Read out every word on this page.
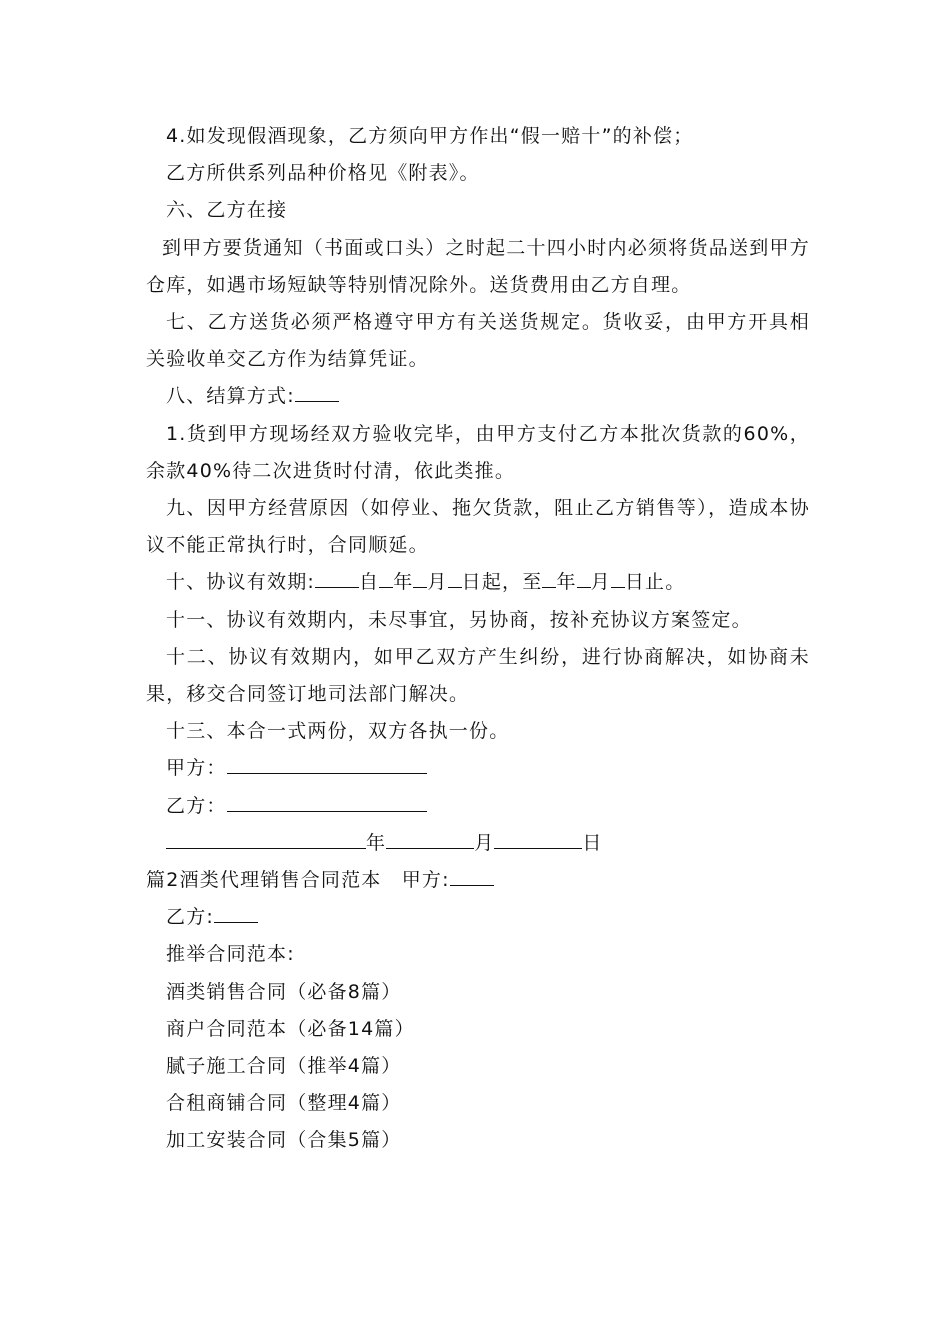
4.如发现假酒现象，乙方须向甲方作出“假一赔十”的补偿；

乙方所供系列品种价格见《附表》。

六、乙方在接

到甲方要货通知（书面或口头）之时起二十四小时内必须将货品送到甲方仓库，如遇市场短缺等特别情况除外。送货费用由乙方自理。

七、乙方送货必须严格遵守甲方有关送货规定。货收妥，由甲方开具相关验收单交乙方作为结算凭证。

八、结算方式:

1.货到甲方现场经双方验收完毕，由甲方支付乙方本批次货款的60%，余款40%待二次进货时付清，依此类推。

九、因甲方经营原因（如停业、拖欠货款，阻止乙方销售等），造成本协议不能正常执行时，合同顺延。

十、协议有效期: 自 年 月 日起，至 年 月 日止。

十一、协议有效期内，未尽事宜，另协商，按补充协议方案签定。

十二、协议有效期内，如甲乙双方产生纠纷，进行协商解决，如协商未果，移交合同签订地司法部门解决。

十三、本合一式两份，双方各执一份。

甲方：

乙方：

年	月	日

篇2酒类代理销售合同范本　甲方:

乙方:

推举合同范本:

酒类销售合同（必备8篇）

商户合同范本（必备14篇）

腻子施工合同（推举4篇）

合租商铺合同（整理4篇）

加工安装合同（合集5篇）
